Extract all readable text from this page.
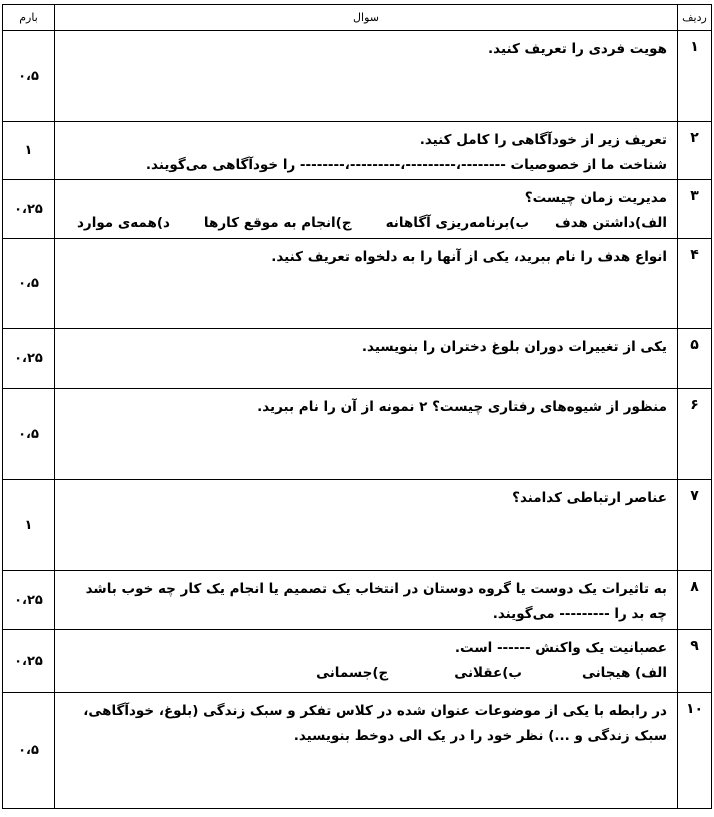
ردیف	سوال	بارم
۱	هویت فردی را تعریف کنید.	۰،۵
۲	تعریف زیر از خودآگاهی را کامل کنید.
شناخت ما از خصوصیات --------،---------،---------،-------- را خودآگاهی می‌گویند.	۱
۳	مدیریت زمان چیست؟
الف)داشتن هدف
ب)برنامه‌ریزی آگاهانه
ج)انجام به موقع کارها
د)همه‌ی موارد	۰،۲۵
۴	انواع هدف را نام ببرید، یکی از آنها را به دلخواه تعریف کنید.	۰،۵
۵	یکی از تغییرات دوران بلوغ دختران را بنویسید.	۰،۲۵
۶	منظور از شیوه‌های رفتاری چیست؟ ۲ نمونه از آن را نام ببرید.	۰،۵
۷	عناصر ارتباطی کدامند؟	۱
۸	به تاثیرات یک دوست یا گروه دوستان در انتخاب یک تصمیم یا انجام یک کار چه خوب باشد چه بد را --------- می‌گویند.	۰،۲۵
۹	عصبانیت یک واکنش ------ است.
الف) هیجانی
ب)عقلانی
ج)جسمانی	۰،۲۵
۱۰	در رابطه با یکی از موضوعات عنوان شده در کلاس تفکر و سبک زندگی (بلوغ، خودآگاهی، سبک زندگی و ...) نظر خود را در یک الی دوخط بنویسید.	۰،۵
